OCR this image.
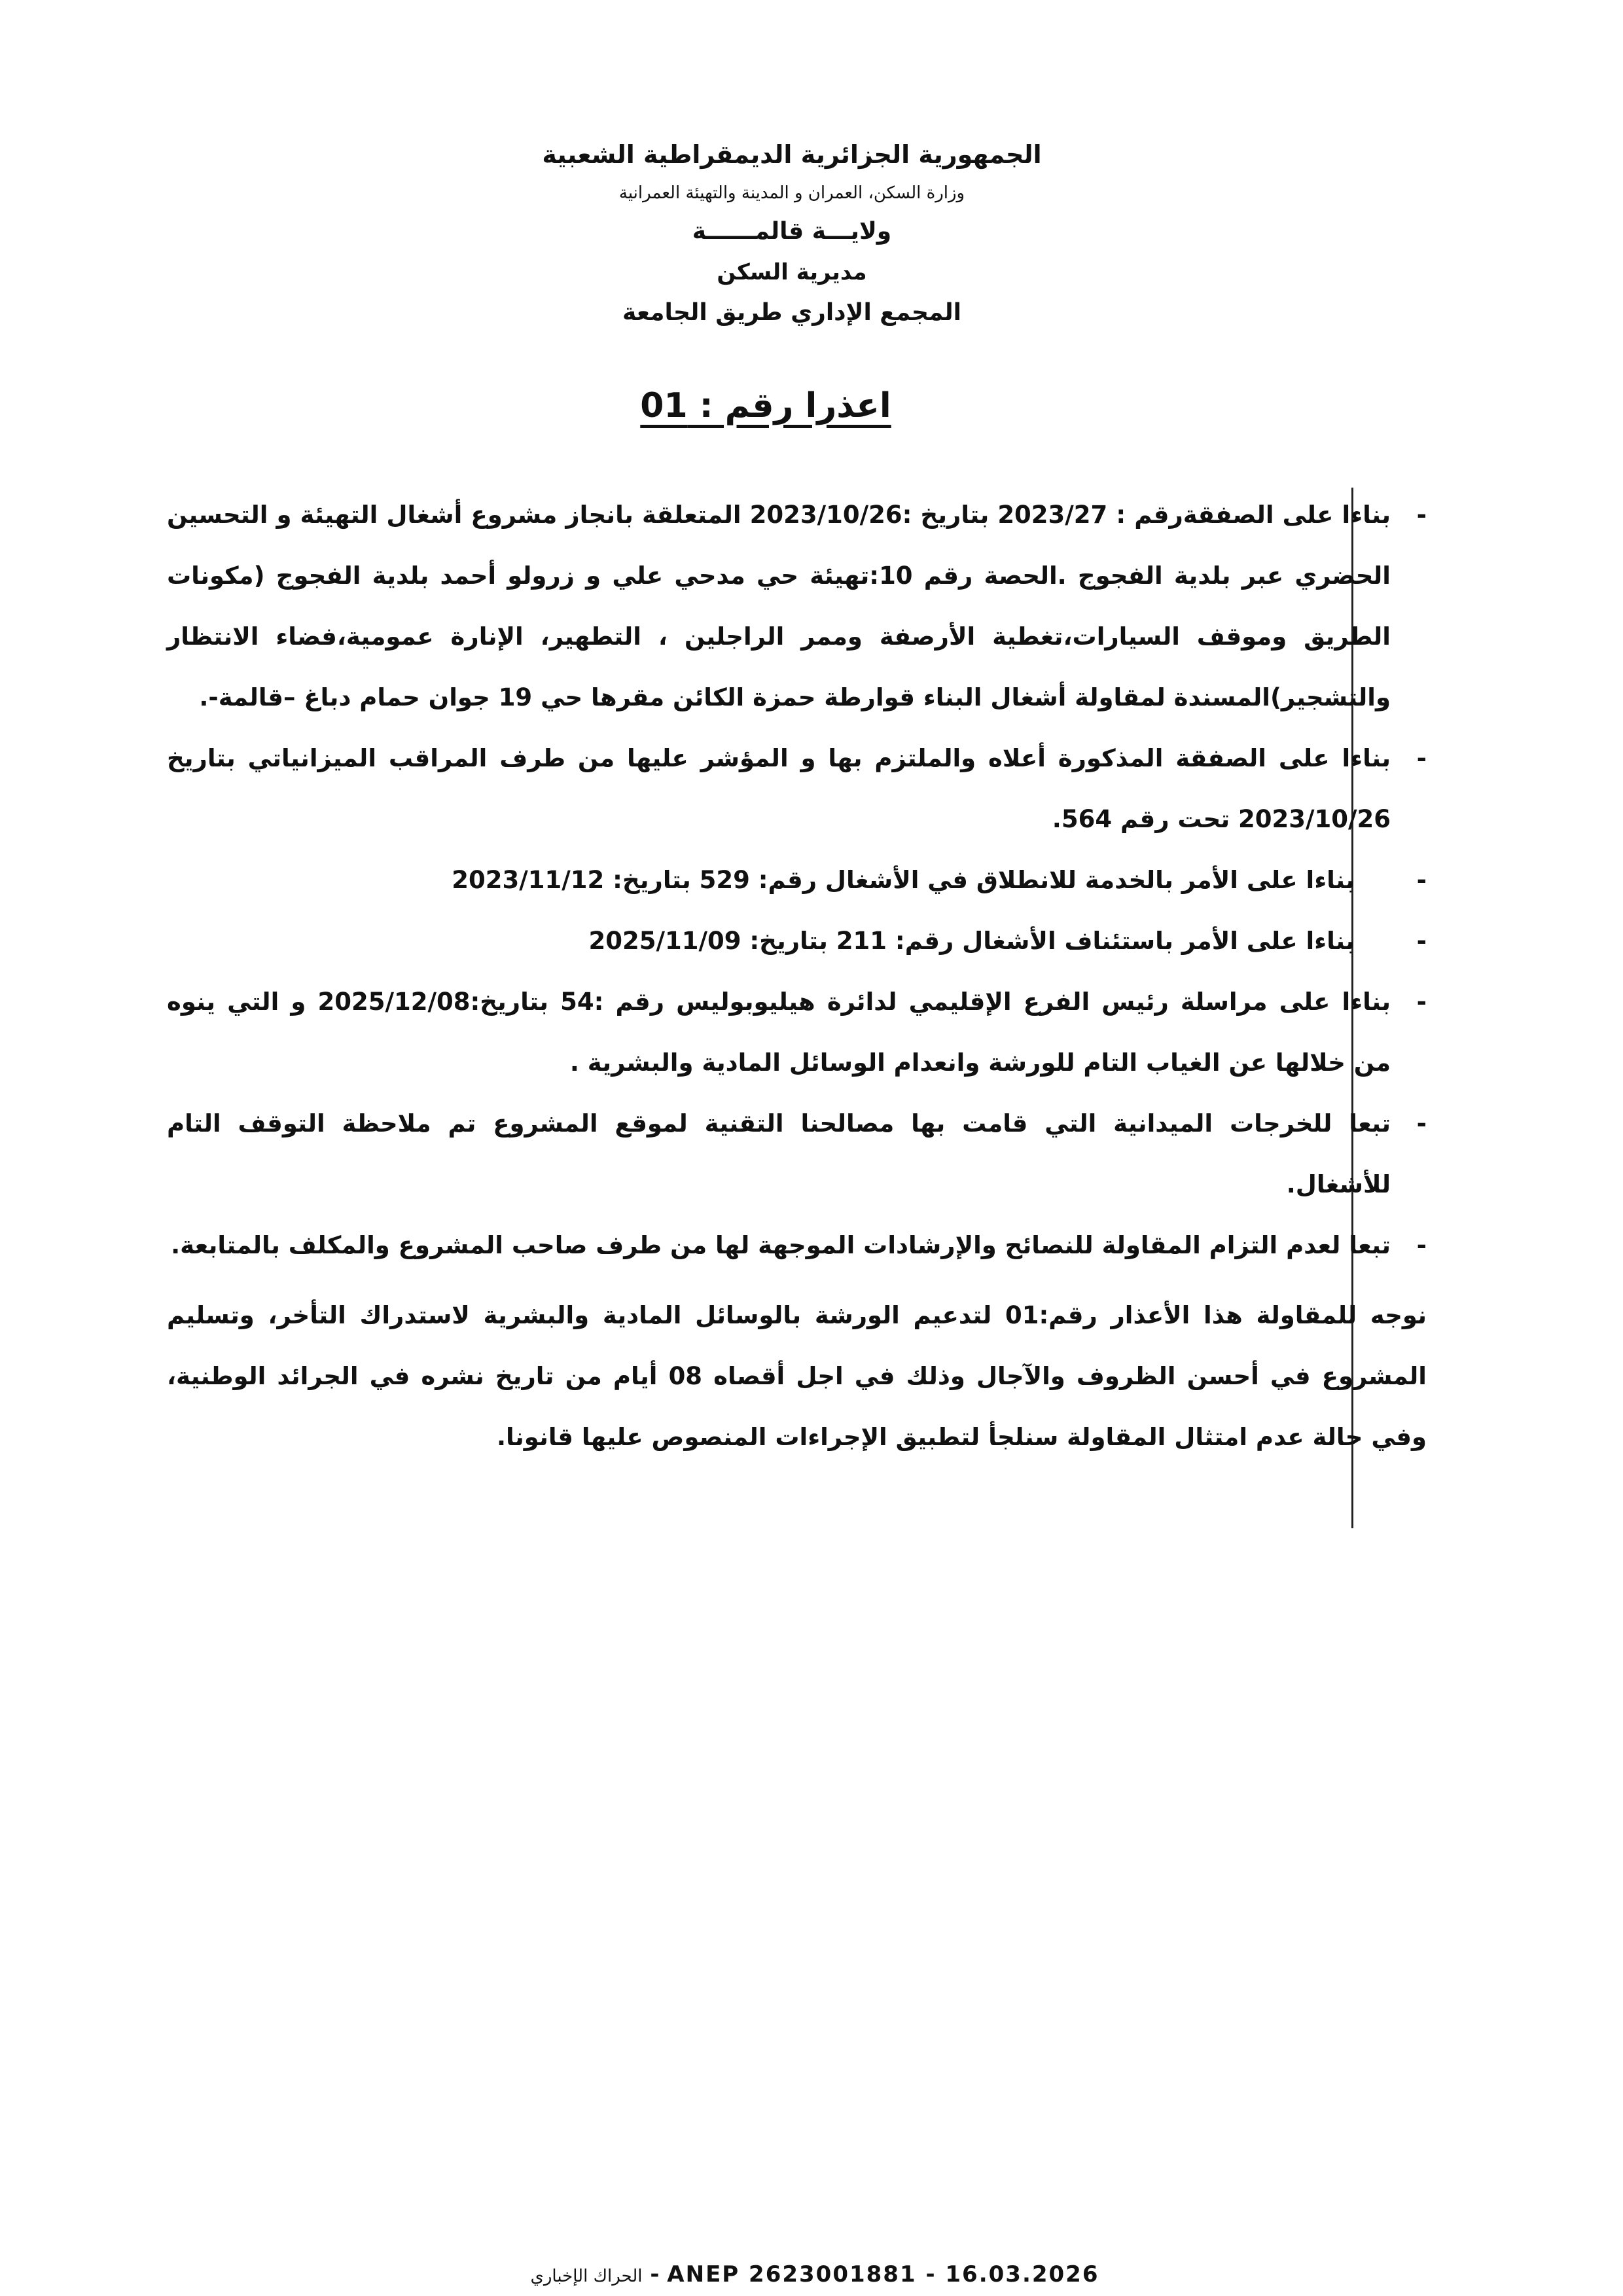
الجمهورية الجزائرية الديمقراطية الشعبية
وزارة السكن، العمران و المدينة والتهيئة العمرانية
ولايـــة قالمــــــة
مديرية السكن
المجمع الإداري طريق الجامعة
اعذرا رقم : 01

- بناءا على الصفقةرقم : 2023/27 بتاريخ :2023/10/26 المتعلقة بانجاز مشروع أشغال التهيئة و التحسين الحضري عبر بلدية الفجوج .الحصة رقم 10:تهيئة حي مدحي علي و زرولو أحمد بلدية الفجوج (مكونات الطريق وموقف السيارات،تغطية الأرصفة وممر الراجلين ، التطهير، الإنارة عمومية،فضاء الانتظار والتشجير)المسندة لمقاولة أشغال البناء قوارطة حمزة الكائن مقرها حي 19 جوان حمام دباغ –قالمة-.

- بناءا على الصفقة المذكورة أعلاه والملتزم بها و المؤشر عليها من طرف المراقب الميزانياتي بتاريخ 2023/10/26 تحت رقم 564.

- بناءا على الأمر بالخدمة للانطلاق في الأشغال رقم: 529 بتاريخ: 2023/11/12

- بناءا على الأمر باستئناف الأشغال رقم: 211 بتاريخ: 2025/11/09

- بناءا على مراسلة رئيس الفرع الإقليمي لدائرة هيليوبوليس رقم :54 بتاريخ:2025/12/08 و التي ينوه من خلالها عن الغياب التام للورشة وانعدام الوسائل المادية والبشرية .

- تبعا للخرجات الميدانية التي قامت بها مصالحنا التقنية لموقع المشروع تم ملاحظة التوقف التام للأشغال.

- تبعا لعدم التزام المقاولة للنصائح والإرشادات الموجهة لها من طرف صاحب المشروع والمكلف بالمتابعة.

نوجه للمقاولة هذا الأعذار رقم:01 لتدعيم الورشة بالوسائل المادية والبشرية لاستدراك التأخر، وتسليم المشروع في أحسن الظروف والآجال وذلك في اجل أقصاه 08 أيام من تاريخ نشره في الجرائد الوطنية، وفي حالة عدم امتثال المقاولة سنلجأ لتطبيق الإجراءات المنصوص عليها قانونا.

الحراك الإخباري - ANEP 2623001881 - 16.03.2026
